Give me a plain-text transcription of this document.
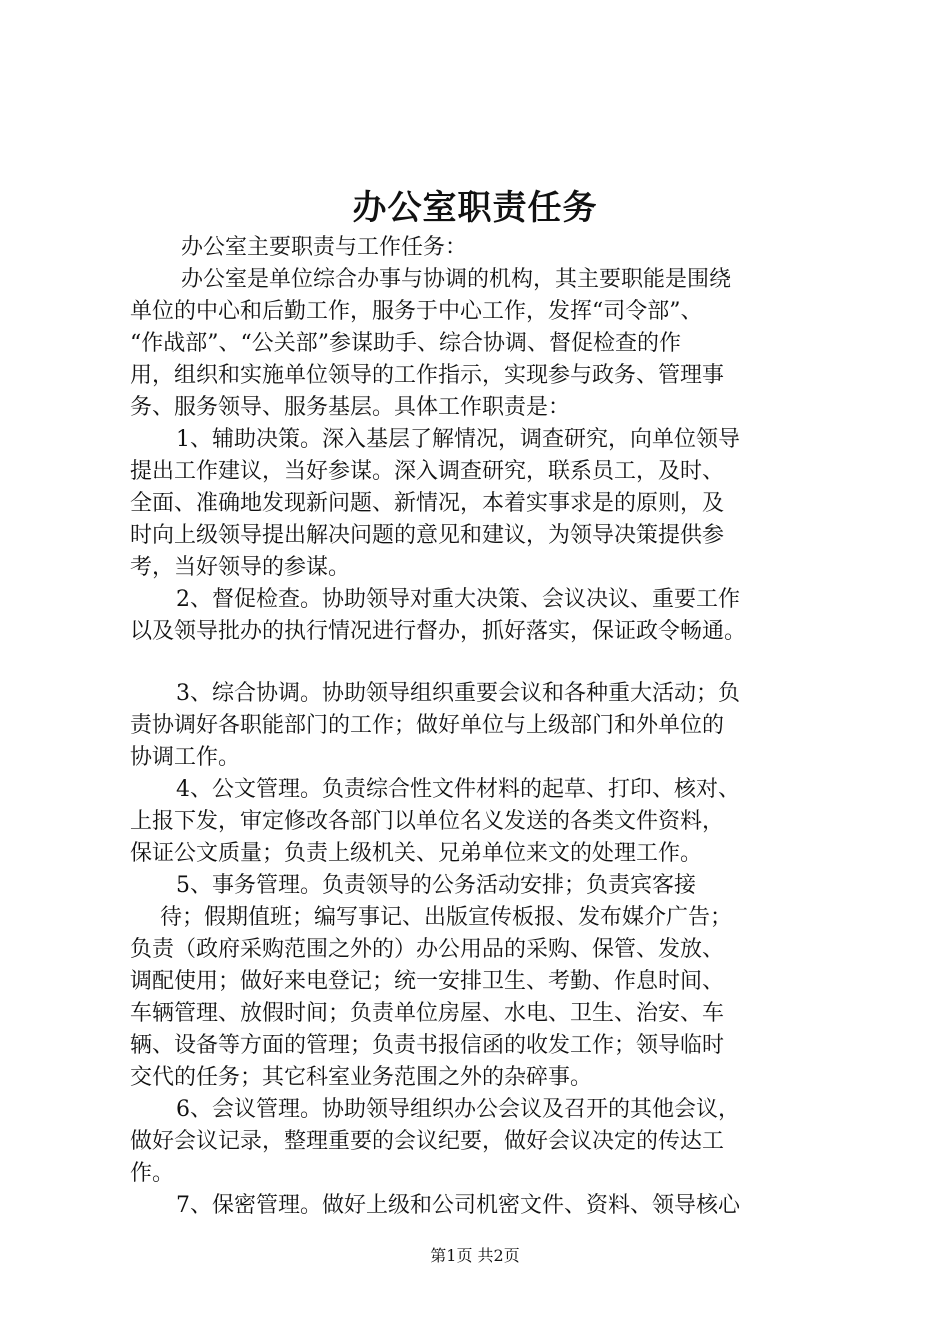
办公室职责任务
办公室主要职责与工作任务：
办公室是单位综合办事与协调的机构，其主要职能是围绕
单位的中心和后勤工作，服务于中心工作，发挥“司令部”、
“作战部”、“公关部”参谋助手、综合协调、督促检查的作
用，组织和实施单位领导的工作指示，实现参与政务、管理事
务、服务领导、服务基层。具体工作职责是：
1、辅助决策。深入基层了解情况，调查研究，向单位领导
提出工作建议，当好参谋。深入调查研究，联系员工，及时、
全面、准确地发现新问题、新情况，本着实事求是的原则，及
时向上级领导提出解决问题的意见和建议，为领导决策提供参
考，当好领导的参谋。
2、督促检查。协助领导对重大决策、会议决议、重要工作
以及领导批办的执行情况进行督办，抓好落实，保证政令畅通。
3、综合协调。协助领导组织重要会议和各种重大活动；负
责协调好各职能部门的工作；做好单位与上级部门和外单位的
协调工作。
4、公文管理。负责综合性文件材料的起草、打印、核对、
上报下发，审定修改各部门以单位名义发送的各类文件资料，
保证公文质量；负责上级机关、兄弟单位来文的处理工作。
5、事务管理。负责领导的公务活动安排；负责宾客接
待；假期值班；编写事记、出版宣传板报、发布媒介广告；
负责（政府采购范围之外的）办公用品的采购、保管、发放、
调配使用；做好来电登记；统一安排卫生、考勤、作息时间、
车辆管理、放假时间；负责单位房屋、水电、卫生、治安、车
辆、设备等方面的管理；负责书报信函的收发工作；领导临时
交代的任务；其它科室业务范围之外的杂碎事。
6、会议管理。协助领导组织办公会议及召开的其他会议，
做好会议记录，整理重要的会议纪要，做好会议决定的传达工
作。
7、保密管理。做好上级和公司机密文件、资料、领导核心
第1页 共2页
